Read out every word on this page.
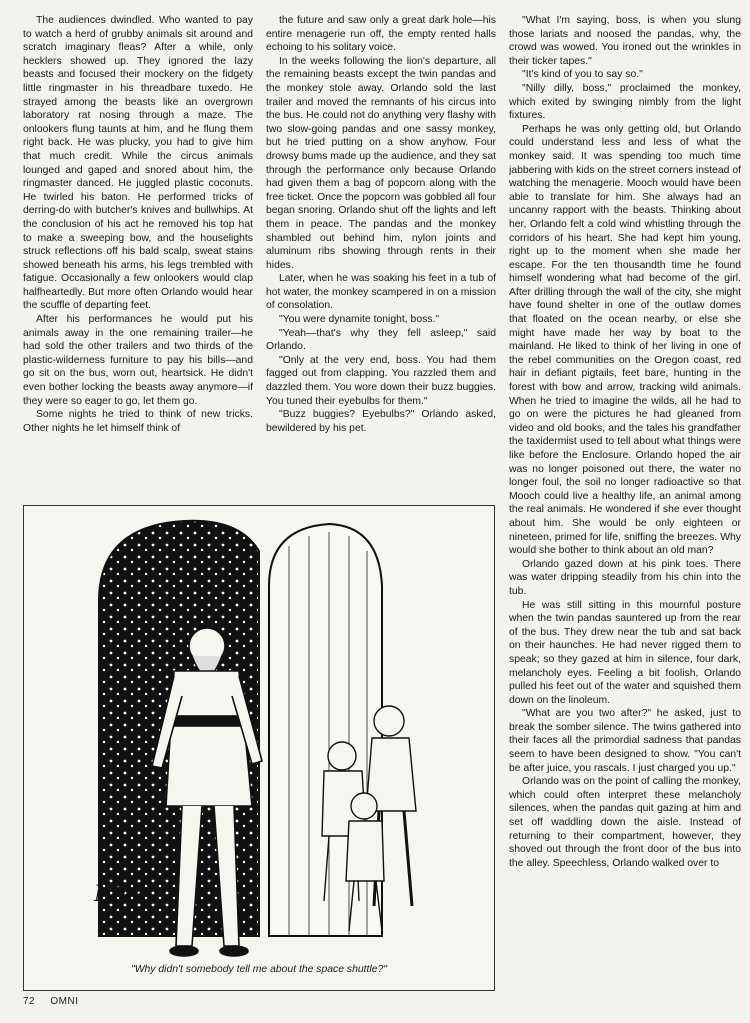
The audiences dwindled. Who wanted to pay to watch a herd of grubby animals sit around and scratch imaginary fleas? After a while, only hecklers showed up. They ignored the lazy beasts and focused their mockery on the fidgety little ringmaster in his threadbare tuxedo. He strayed among the beasts like an overgrown laboratory rat nosing through a maze. The onlookers flung taunts at him, and he flung them right back. He was plucky, you had to give him that much credit. While the circus animals lounged and gaped and snored about him, the ringmaster danced. He juggled plastic coconuts. He twirled his baton. He performed tricks of derring-do with butcher's knives and bullwhips. At the conclusion of his act he removed his top hat to make a sweeping bow, and the houselights struck reflections off his bald scalp, sweat stains showed beneath his arms, his legs trembled with fatigue. Occasionally a few onlookers would clap halfheartedly. But more often Orlando would hear the scuffle of departing feet.

After his performances he would put his animals away in the one remaining trailer—he had sold the other trailers and two thirds of the plastic-wilderness furniture to pay his bills—and go sit on the bus, worn out, heartsick. He didn't even bother locking the beasts away anymore—if they were so eager to go, let them go.

Some nights he tried to think of new tricks. Other nights he let himself think of

the future and saw only a great dark hole—his entire menagerie run off, the empty rented halls echoing to his solitary voice.

In the weeks following the lion's departure, all the remaining beasts except the twin pandas and the monkey stole away. Orlando sold the last trailer and moved the remnants of his circus into the bus. He could not do anything very flashy with two slow-going pandas and one sassy monkey, but he tried putting on a show anyhow. Four drowsy bums made up the audience, and they sat through the performance only because Orlando had given them a bag of popcorn along with the free ticket. Once the popcorn was gobbled all four began snoring. Orlando shut off the lights and left them in peace. The pandas and the monkey shambled out behind him, nylon joints and aluminum ribs showing through rents in their hides.

Later, when he was soaking his feet in a tub of hot water, the monkey scampered in on a mission of consolation.

"You were dynamite tonight, boss."

"Yeah—that's why they fell asleep," said Orlando.

"Only at the very end, boss. You had them fagged out from clapping. You razzled them and dazzled them. You wore down their buzz buggies. You tuned their eyebulbs for them."

"Buzz buggies? Eyebulbs?" Orlando asked, bewildered by his pet.

"What I'm saying, boss, is when you slung those lariats and noosed the pandas, why, the crowd was wowed. You ironed out the wrinkles in their ticker tapes."

"It's kind of you to say so."

"Nilly dilly, boss," proclaimed the monkey, which exited by swinging nimbly from the light fixtures.

Perhaps he was only getting old, but Orlando could understand less and less of what the monkey said. It was spending too much time jabbering with kids on the street corners instead of watching the menagerie. Mooch would have been able to translate for him. She always had an uncanny rapport with the beasts. Thinking about her, Orlando felt a cold wind whistling through the corridors of his heart. She had kept him young, right up to the moment when she made her escape. For the ten thousandth time he found himself wondering what had become of the girl. After drilling through the wall of the city, she might have found shelter in one of the outlaw domes that floated on the ocean nearby, or else she might have made her way by boat to the mainland. He liked to think of her living in one of the rebel communities on the Oregon coast, red hair in defiant pigtails, feet bare, hunting in the forest with bow and arrow, tracking wild animals. When he tried to imagine the wilds, all he had to go on were the pictures he had gleaned from video and old books, and the tales his grandfather the taxidermist used to tell about what things were like before the Enclosure. Orlando hoped the air was no longer poisoned out there, the water no longer foul, the soil no longer radioactive so that Mooch could live a healthy life, an animal among the real animals. He wondered if she ever thought about him. She would be only eighteen or nineteen, primed for life, sniffing the breezes. Why would she bother to think about an old man?

Orlando gazed down at his pink toes. There was water dripping steadily from his chin into the tub.

He was still sitting in this mournful posture when the twin pandas sauntered up from the rear of the bus. They drew near the tub and sat back on their haunches. He had never rigged them to speak; so they gazed at him in silence, four dark, melancholy eyes. Feeling a bit foolish, Orlando pulled his feet out of the water and squished them down on the linoleum.

"What are you two after?" he asked, just to break the somber silence. The twins gathered into their faces all the primordial sadness that pandas seem to have been designed to show. "You can't be after juice, you rascals. I just charged you up."

Orlando was on the point of calling the monkey, which could often interpret these melancholy silences, when the pandas quit gazing at him and set off waddling down the aisle. Instead of returning to their compartment, however, they shoved out through the front door of the bus into the alley. Speechless, Orlando walked over to

Nick
"Why didn't somebody tell me about the space shuttle?"
72 OMNI
